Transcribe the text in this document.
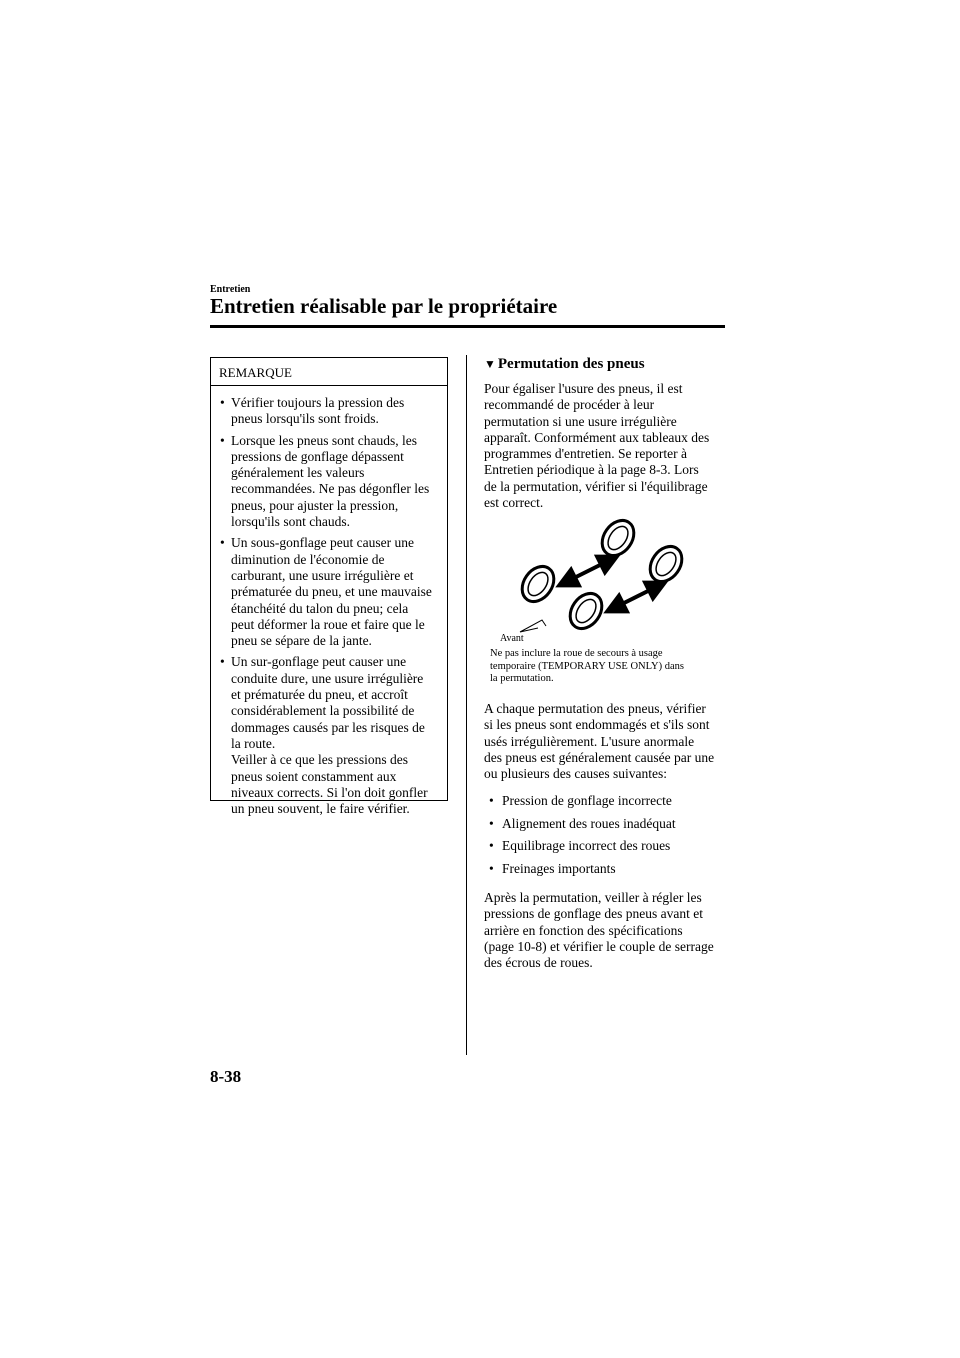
Entretien
Entretien réalisable par le propriétaire
REMARQUE
• Vérifier toujours la pression des
pneus lorsqu'ils sont froids.
• Lorsque les pneus sont chauds, les
pressions de gonflage dépassent
généralement les valeurs
recommandées. Ne pas dégonfler les
pneus, pour ajuster la pression,
lorsqu'ils sont chauds.
• Un sous-gonflage peut causer une
diminution de l'économie de
carburant, une usure irrégulière et
prématurée du pneu, et une mauvaise
étanchéité du talon du pneu; cela
peut déformer la roue et faire que le
pneu se sépare de la jante.
• Un sur-gonflage peut causer une
conduite dure, une usure irrégulière
et prématurée du pneu, et accroît
considérablement la possibilité de
dommages causés par les risques de
la route.
Veiller à ce que les pressions des
pneus soient constamment aux
niveaux corrects. Si l'on doit gonfler
un pneu souvent, le faire vérifier.
▼ Permutation des pneus
Pour égaliser l'usure des pneus, il est
recommandé de procéder à leur
permutation si une usure irrégulière
apparaît. Conformément aux tableaux des
programmes d'entretien. Se reporter à
Entretien périodique à la page 8-3. Lors
de la permutation, vérifier si l'équilibrage
est correct.
Avant
Ne pas inclure la roue de secours à usage
temporaire (TEMPORARY USE ONLY) dans
la permutation.
A chaque permutation des pneus, vérifier
si les pneus sont endommagés et s'ils sont
usés irrégulièrement. L'usure anormale
des pneus est généralement causée par une
ou plusieurs des causes suivantes:
• Pression de gonflage incorrecte
• Alignement des roues inadéquat
• Equilibrage incorrect des roues
• Freinages importants
Après la permutation, veiller à régler les
pressions de gonflage des pneus avant et
arrière en fonction des spécifications
(page 10-8) et vérifier le couple de serrage
des écrous de roues.
8-38
